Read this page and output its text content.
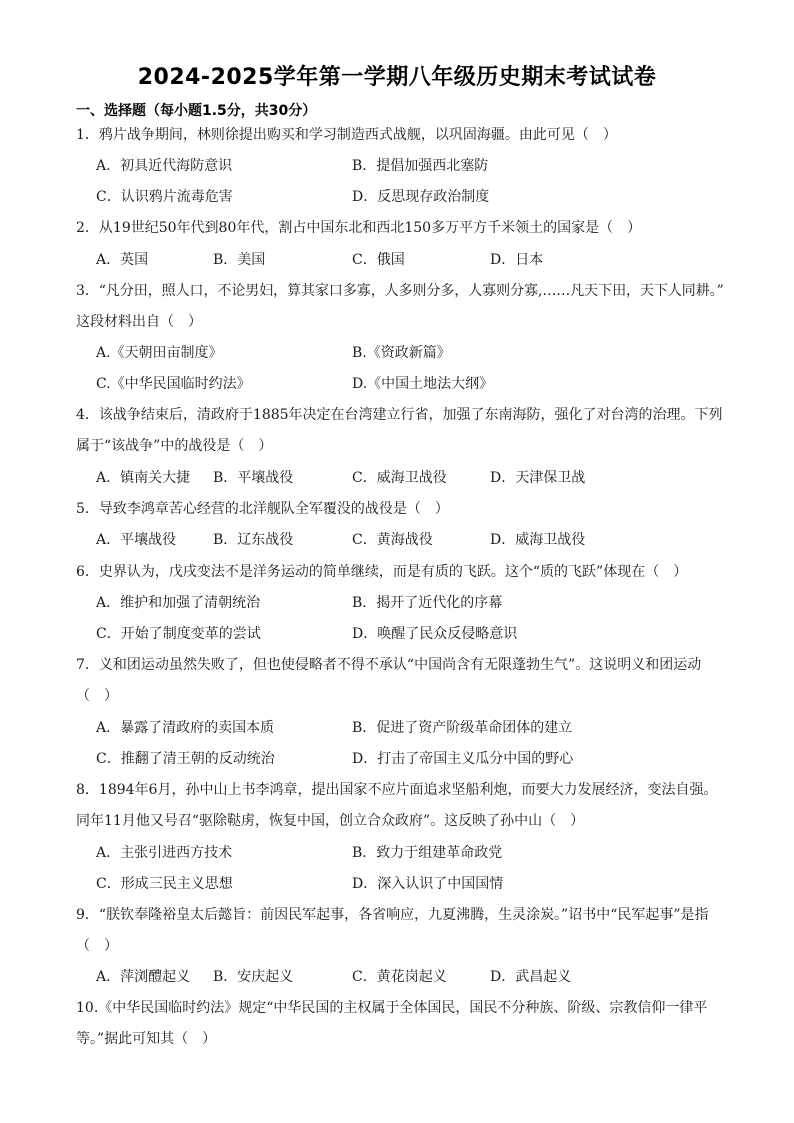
2024-2025学年第一学期八年级历史期末考试试卷
一、选择题（每小题1.5分，共30分）
1．鸦片战争期间，林则徐提出购买和学习制造西式战舰，以巩固海疆。由此可见（　）
A．初具近代海防意识	B．提倡加强西北塞防
C．认识鸦片流毒危害	D．反思现存政治制度
2．从19世纪50年代到80年代，割占中国东北和西北150多万平方千米领土的国家是（　）
A．英国	B．美国	C．俄国	D．日本
3．“凡分田，照人口，不论男妇，算其家口多寡，人多则分多，人寡则分寡,……凡天下田，天下人同耕。”
这段材料出自（　）
A.《天朝田亩制度》	B.《资政新篇》
C.《中华民国临时约法》	D.《中国土地法大纲》
4．该战争结束后，清政府于1885年决定在台湾建立行省，加强了东南海防，强化了对台湾的治理。下列
属于“该战争”中的战役是（　）
A．镇南关大捷 B．平壤战役	C．威海卫战役	D．天津保卫战
5．导致李鸿章苦心经营的北洋舰队全军覆没的战役是（　）
A．平壤战役	B．辽东战役	C．黄海战役	D．威海卫战役
6．史界认为，戊戌变法不是洋务运动的简单继续，而是有质的飞跃。这个“质的飞跃”体现在（　）
A．维护和加强了清朝统治	B．揭开了近代化的序幕
C．开始了制度变革的尝试	D．唤醒了民众反侵略意识
7．义和团运动虽然失败了，但也使侵略者不得不承认“中国尚含有无限蓬勃生气”。这说明义和团运动
（　）
A．暴露了清政府的卖国本质	B．促进了资产阶级革命团体的建立
C．推翻了清王朝的反动统治	D．打击了帝国主义瓜分中国的野心
8．1894年6月，孙中山上书李鸿章，提出国家不应片面追求坚船利炮，而要大力发展经济，变法自强。
同年11月他又号召“驱除鞑虏，恢复中国，创立合众政府”。这反映了孙中山（　）
A．主张引进西方技术	B．致力于组建革命政党
C．形成三民主义思想	D．深入认识了中国国情
9．“朕钦奉隆裕皇太后懿旨：前因民军起事，各省响应，九夏沸腾，生灵涂炭。”诏书中“民军起事”是指
（　）
A．萍浏醴起义 B．安庆起义	C．黄花岗起义	D．武昌起义
10.《中华民国临时约法》规定“中华民国的主权属于全体国民，国民不分种族、阶级、宗教信仰一律平
等。”据此可知其（　）
